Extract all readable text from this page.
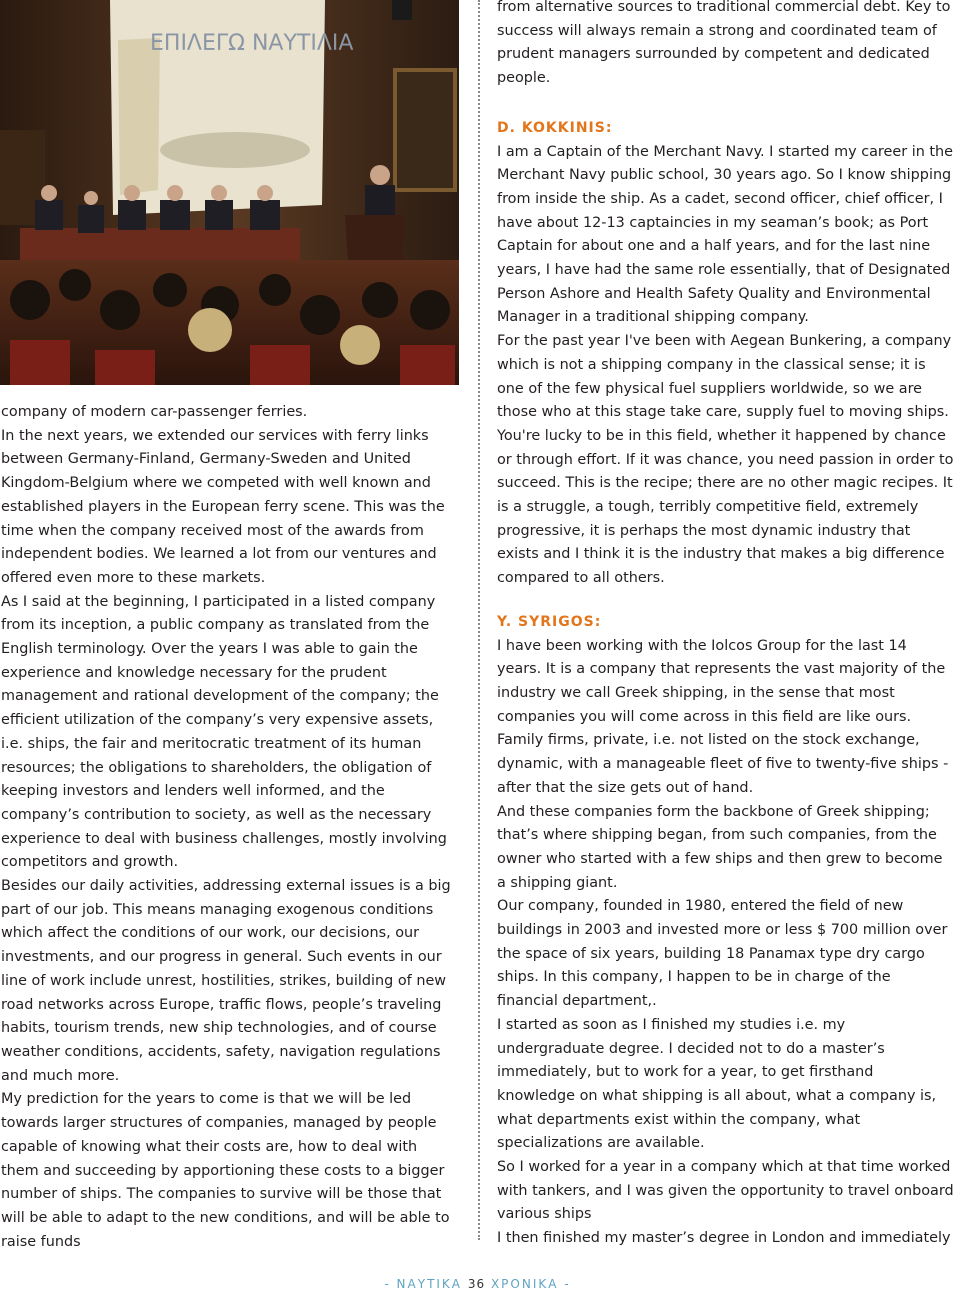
ΕΠΙΛΕΓΩ ΝΑΥΤΙΛΙΑ

company of modern car-passenger ferries.

In the next years, we extended our services with ferry links between Germany-Finland, Germany-Sweden and United Kingdom-Belgium where we competed with well known and established players in the European ferry scene. This was the time when the company received most of the awards from independent bodies. We learned a lot from our ventures and offered even more to these markets.

As I said at the beginning, I participated in a listed company from its inception, a public company as translated from the English terminology. Over the years I was able to gain the experience and knowledge necessary for the prudent management and rational development of the company; the efficient utilization of the company’s very expensive assets, i.e. ships, the fair and meritocratic treatment of its human resources; the obligations to shareholders, the obligation of keeping investors and lenders well informed, and the company’s contribution to society, as well as the necessary experience to deal with business challenges, mostly involving competitors and growth.

Besides our daily activities, addressing external issues is a big part of our job. This means managing exogenous conditions which affect the conditions of our work, our decisions, our investments, and our progress in general. Such events in our line of work include unrest, hostilities, strikes, building of new road networks across Europe, traffic flows, people’s traveling habits, tourism trends, new ship technologies, and of course weather conditions, accidents, safety, navigation regulations and much more.

My prediction for the years to come is that we will be led towards larger structures of companies, managed by people capable of knowing what their costs are, how to deal with them and succeeding by apportioning these costs to a bigger number of ships. The companies to survive will be those that will be able to adapt to the new conditions, and will be able to raise funds

from alternative sources to traditional commercial debt. Key to success will always remain a strong and coordinated team of prudent managers surrounded by competent and dedicated people.

D. KOKKINIS:

I am a Captain of the Merchant Navy. I started my career in the Merchant Navy public school, 30 years ago. So I know shipping from inside the ship. As a cadet, second officer, chief officer, I have about 12-13 captaincies in my seaman’s book; as Port Captain for about one and a half years, and for the last nine years, I have had the same role essentially, that of Designated Person Ashore and Health Safety Quality and Environmental Manager in a traditional shipping company.

For the past year I've been with Aegean Bunkering, a company which is not a shipping company in the classical sense; it is one of the few physical fuel suppliers worldwide, so we are those who at this stage take care, supply fuel to moving ships. You're lucky to be in this field, whether it happened by chance or through effort. If it was chance, you need passion in order to succeed. This is the recipe; there are no other magic recipes. It is a struggle, a tough, terribly competitive field, extremely progressive, it is perhaps the most dynamic industry that exists and I think it is the industry that makes a big difference compared to all others.

Y. SYRIGOS:

I have been working with the Iolcos Group for the last 14 years. It is a company that represents the vast majority of the industry we call Greek shipping, in the sense that most companies you will come across in this field are like ours. Family firms, private, i.e. not listed on the stock exchange, dynamic, with a manageable fleet of five to twenty-five ships - after that the size gets out of hand.

And these companies form the backbone of Greek shipping; that’s where shipping began, from such companies, from the owner who started with a few ships and then grew to become a shipping giant.

Our company, founded in 1980, entered the field of new buildings in 2003 and invested more or less $ 700 million over the space of six years, building 18 Panamax type dry cargo ships. In this company, I happen to be in charge of the financial department,.

I started as soon as I finished my studies i.e. my undergraduate degree. I decided not to do a master’s immediately, but to work for a year, to get firsthand knowledge on what shipping is all about, what a company is, what departments exist within the company, what specializations are available.

So I worked for a year in a company which at that time worked with tankers, and I was given the opportunity to travel onboard various ships

I then finished my master’s degree in London and immediately

- ΝΑΥΤΙΚΑ 36 ΧΡΟΝΙΚΑ -
